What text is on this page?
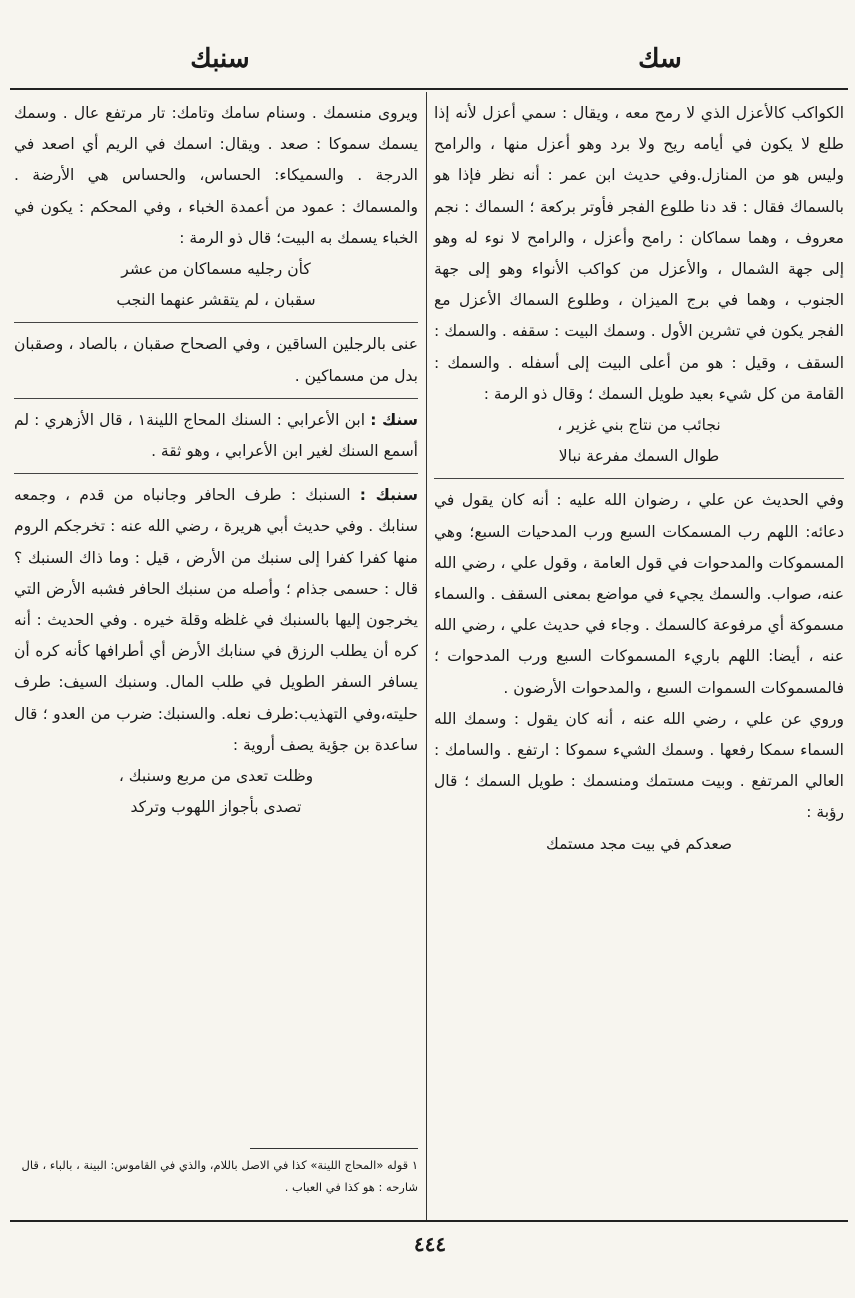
سك
سنبك

الكواكب كالأعزل الذي لا رمح معه ، ويقال : سمي أعزل لأنه إذا طلع لا يكون في أيامه ريح ولا برد وهو أعزل منها ، والرامح وليس هو من المنازل.وفي حديث ابن عمر : أنه نظر فإذا هو بالسماك فقال : قد دنا طلوع الفجر فأوتر بركعة ؛ السماك : نجم معروف ، وهما سماكان : رامح وأعزل ، والرامح لا نوء له وهو إلى جهة الشمال ، والأعزل من كواكب الأنواء وهو إلى جهة الجنوب ، وهما في برج الميزان ، وطلوع السماك الأعزل مع الفجر يكون في تشرين الأول . وسمك البيت : سقفه . والسمك : السقف ، وقيل : هو من أعلى البيت إلى أسفله . والسمك : القامة من كل شيء بعيد طويل السمك ؛ وقال ذو الرمة :

نجائب من نتاج بني غزير ،

طوال السمك مفرعة نبالا

وفي الحديث عن علي ، رضوان الله عليه : أنه كان يقول في دعائه: اللهم رب المسمكات السبع ورب المدحيات السبع؛ وهي المسموكات والمدحوات في قول العامة ، وقول علي ، رضي الله عنه، صواب. والسمك يجيء في مواضع بمعنى السقف . والسماء مسموكة أي مرفوعة كالسمك . وجاء في حديث علي ، رضي الله عنه ، أيضا: اللهم باريء المسموكات السبع ورب المدحوات ؛ فالمسموكات السموات السبع ، والمدحوات الأرضون .

وروي عن علي ، رضي الله عنه ، أنه كان يقول : وسمك الله السماء سمكا رفعها . وسمك الشيء سموكا : ارتفع . والسامك : العالي المرتفع . وبيت مستمك ومنسمك : طويل السمك ؛ قال رؤبة :

صعدكم في بيت مجد مستمك

ويروى منسمك . وسنام سامك وتامك: تار مرتفع عال . وسمك يسمك سموكا : صعد . ويقال: اسمك في الريم أي اصعد في الدرجة . والسميكاء: الحساس، والحساس هي الأرضة . والمسماك : عمود من أعمدة الخباء ، وفي المحكم : يكون في الخباء يسمك به البيت؛ قال ذو الرمة :

كأن رجليه مسماكان من عشر

سقبان ، لم يتقشر عنهما النجب

عنى بالرجلين الساقين ، وفي الصحاح صقبان ، بالصاد ، وصقبان بدل من مسماكين .

سنك : ابن الأعرابي : السنك المحاج اللينة١ ، قال الأزهري : لم أسمع السنك لغير ابن الأعرابي ، وهو ثقة .

سنبك : السنبك : طرف الحافر وجانباه من قدم ، وجمعه سنابك . وفي حديث أبي هريرة ، رضي الله عنه : تخرجكم الروم منها كفرا كفرا إلى سنبك من الأرض ، قيل : وما ذاك السنبك ؟ قال : حسمى جذام ؛ وأصله من سنبك الحافر فشبه الأرض التي يخرجون إليها بالسنبك في غلظه وقلة خيره . وفي الحديث : أنه كره أن يطلب الرزق في سنابك الأرض أي أطرافها كأنه كره أن يسافر السفر الطويل في طلب المال. وسنبك السيف: طرف حليته،وفي التهذيب:طرف نعله. والسنبك: ضرب من العدو ؛ قال ساعدة بن جؤية يصف أروية :

وظلت تعدى من مربع وسنبك ،

تصدى بأجواز اللهوب وتركد

١ قوله «المحاج اللينة» كذا في الاصل باللام، والذي في القاموس: البينة ، بالباء ، قال شارحه : هو كذا في العباب .
٤٤٤
